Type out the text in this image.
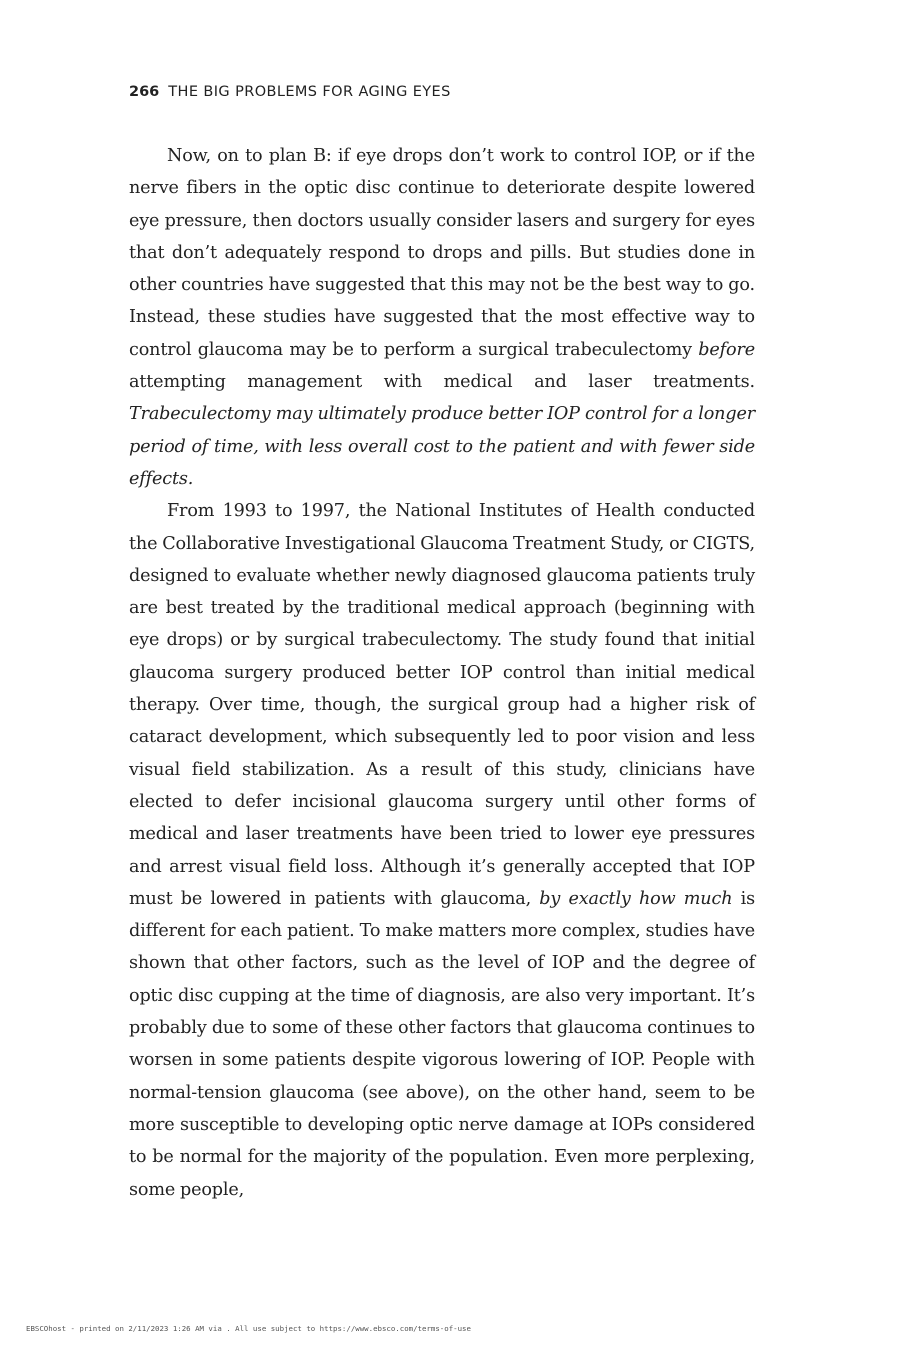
266 THE BIG PROBLEMS FOR AGING EYES

Now, on to plan B: if eye drops don’t work to control IOP, or if the nerve fibers in the optic disc continue to deteriorate despite lowered eye pressure, then doctors usually consider lasers and surgery for eyes that don’t adequately respond to drops and pills. But studies done in other countries have suggested that this may not be the best way to go. Instead, these studies have suggested that the most effective way to control glaucoma may be to perform a surgical trabeculectomy before attempting management with medical and laser treatments. Trabeculectomy may ultimately produce better IOP control for a longer period of time, with less overall cost to the patient and with fewer side effects.

From 1993 to 1997, the National Institutes of Health conducted the Collaborative Investigational Glaucoma Treatment Study, or CIGTS, designed to evaluate whether newly diagnosed glaucoma patients truly are best treated by the traditional medical approach (beginning with eye drops) or by surgical trabeculectomy. The study found that initial glaucoma surgery produced better IOP control than initial medical therapy. Over time, though, the surgical group had a higher risk of cataract development, which subsequently led to poor vision and less visual field stabilization. As a result of this study, clinicians have elected to defer incisional glaucoma surgery until other forms of medical and laser treatments have been tried to lower eye pressures and arrest visual field loss. Although it’s generally accepted that IOP must be lowered in patients with glaucoma, by exactly how much is different for each patient. To make matters more complex, studies have shown that other factors, such as the level of IOP and the degree of optic disc cupping at the time of diagnosis, are also very important. It’s probably due to some of these other factors that glaucoma continues to worsen in some patients despite vigorous lowering of IOP. People with normal-tension glaucoma (see above), on the other hand, seem to be more susceptible to developing optic nerve damage at IOPs considered to be normal for the majority of the population. Even more perplexing, some people,

EBSCOhost - printed on 2/11/2023 1:26 AM via . All use subject to https://www.ebsco.com/terms-of-use
